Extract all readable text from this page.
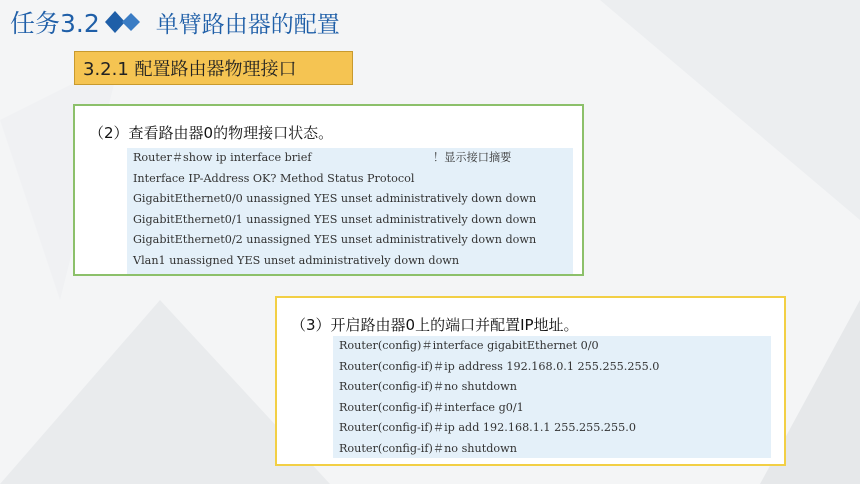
任务3.2 单臂路由器的配置
3.2.1 配置路由器物理接口
（2）查看路由器0的物理接口状态。
Router＃show ip interface brief	！显示接口摘要
Interface IP-Address OK? Method Status Protocol
GigabitEthernet0/0 unassigned YES unset administratively down down
GigabitEthernet0/1 unassigned YES unset administratively down down
GigabitEthernet0/2 unassigned YES unset administratively down down
Vlan1 unassigned YES unset administratively down down
（3）开启路由器0上的端口并配置IP地址。
Router(config)＃interface gigabitEthernet 0/0
Router(config-if)＃ip address 192.168.0.1 255.255.255.0
Router(config-if)＃no shutdown
Router(config-if)＃interface g0/1
Router(config-if)＃ip add 192.168.1.1 255.255.255.0
Router(config-if)＃no shutdown
